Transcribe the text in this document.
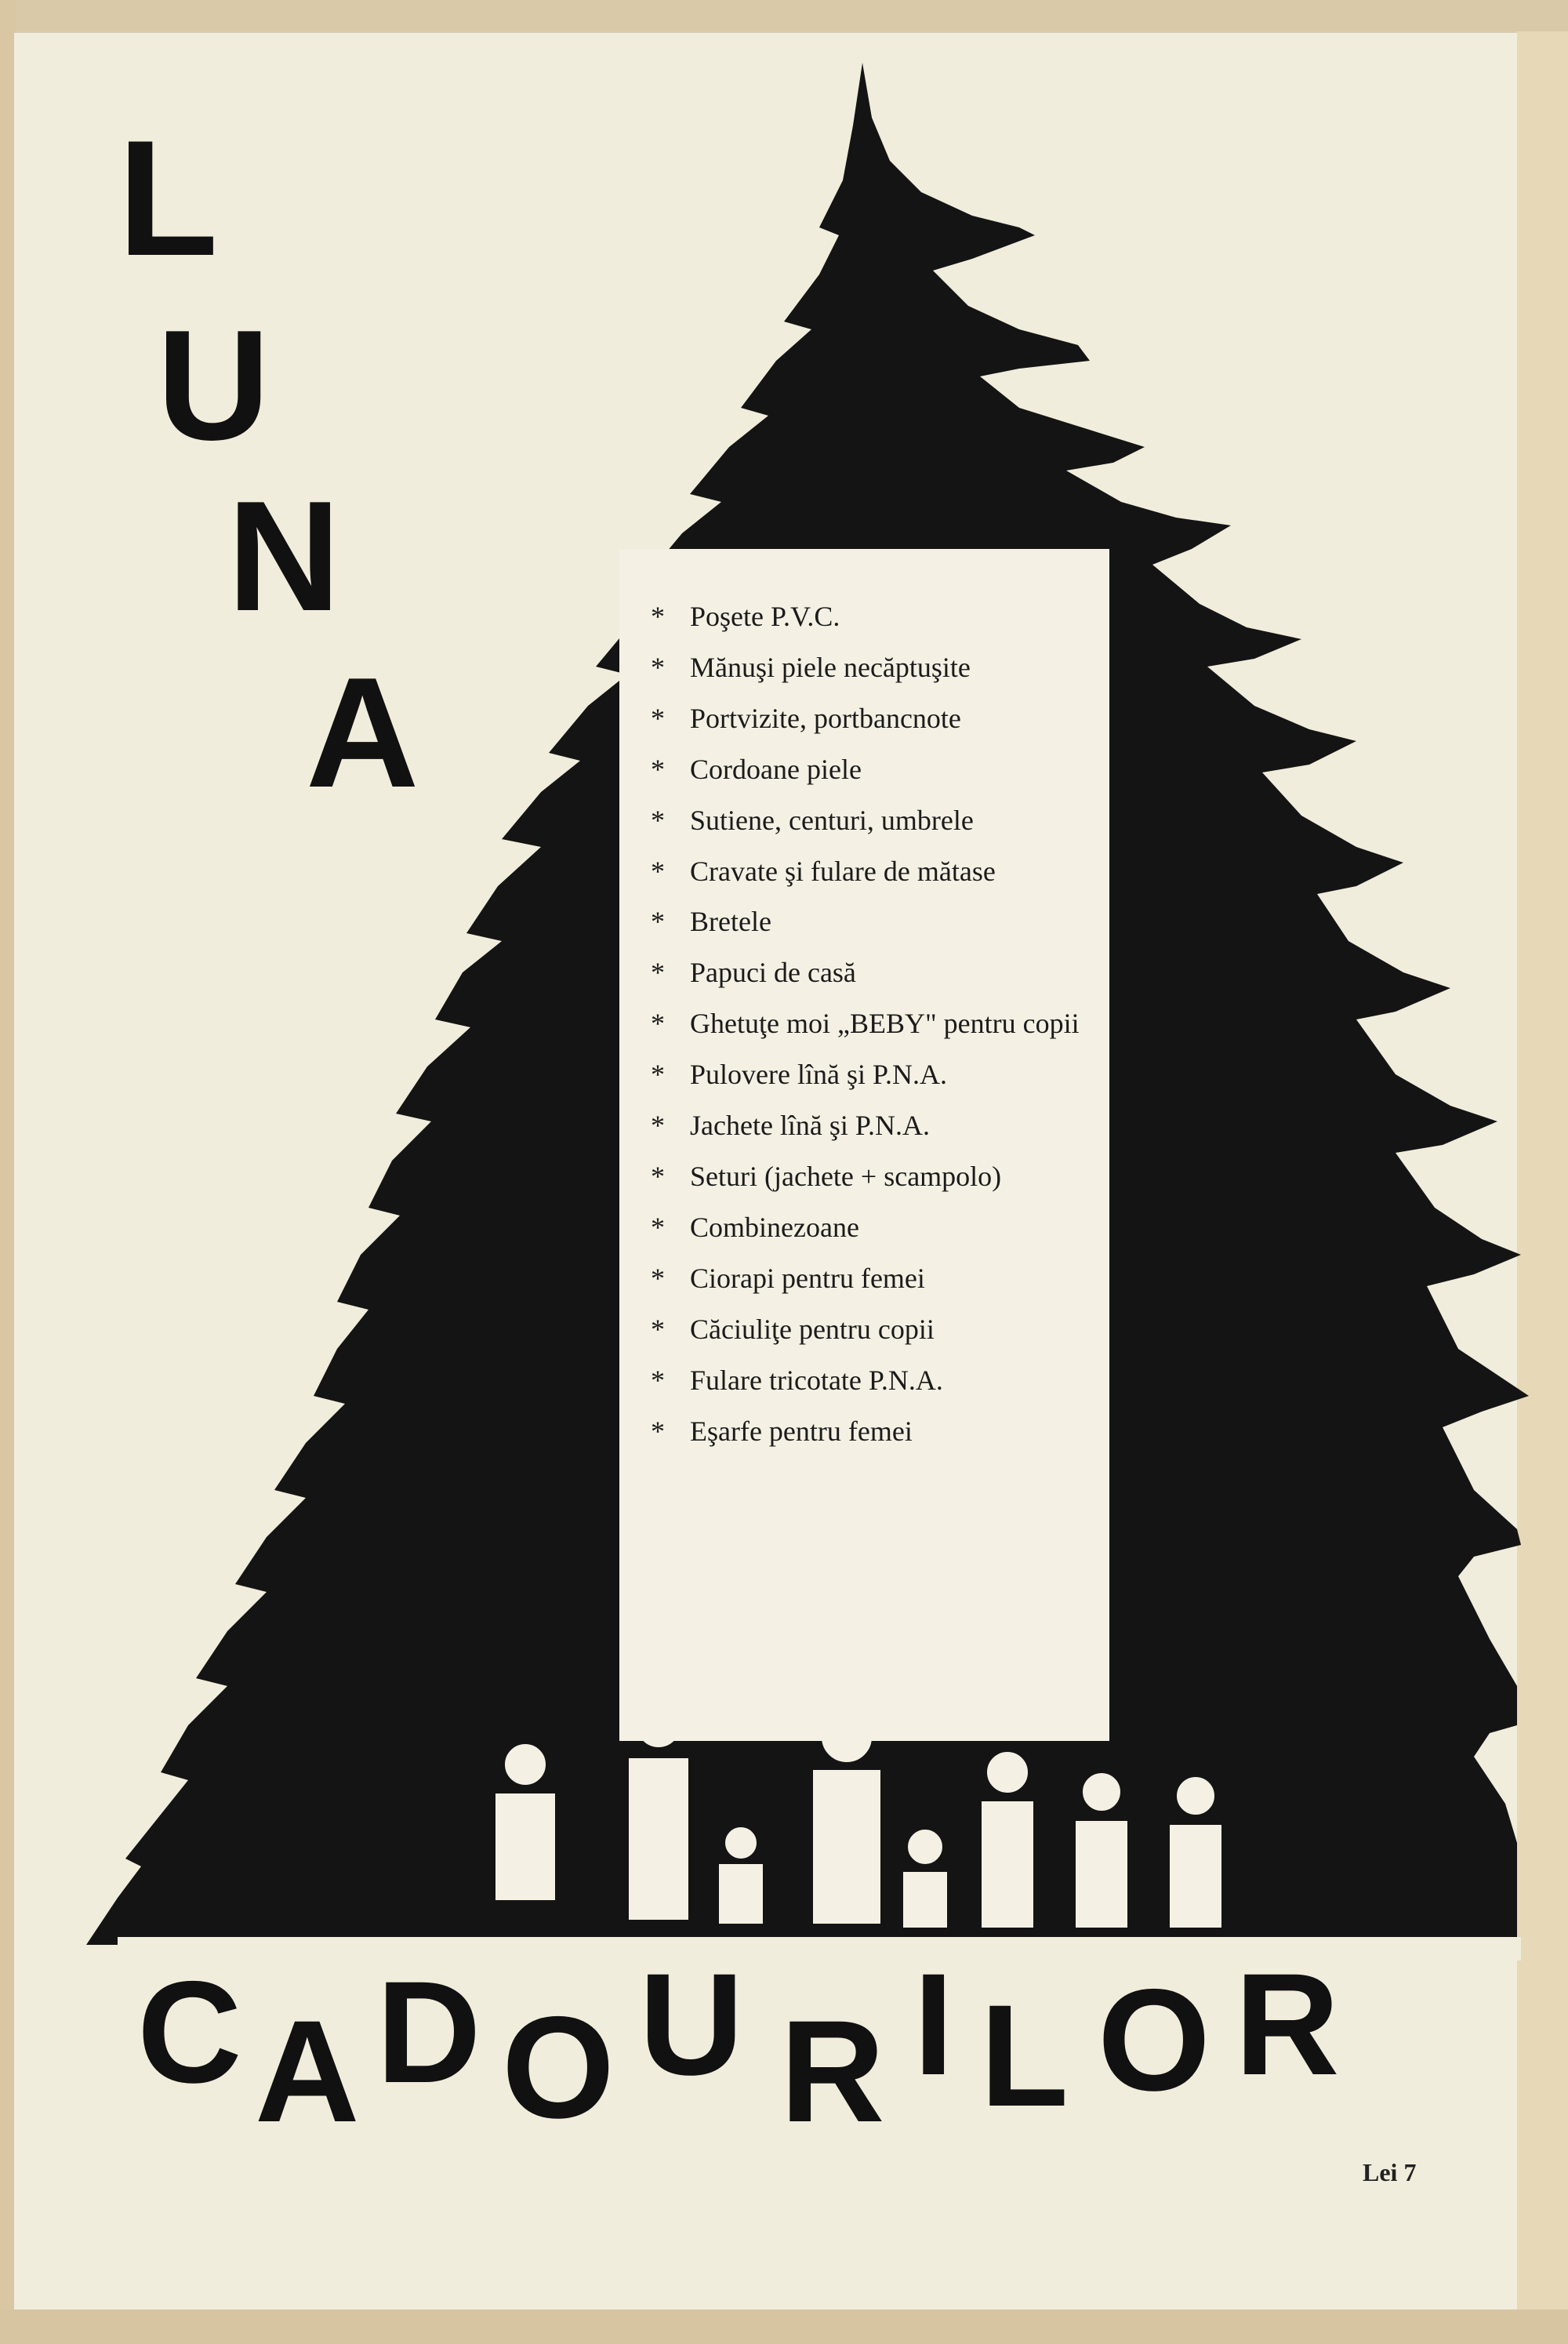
L
U
N
A
* Poşete P.V.C.
* Mănuşi piele necăptuşite
* Portvizite, portbancnote
* Cordoane piele
* Sutiene, centuri, umbrele
* Cravate şi fulare de mătase
* Bretele
* Papuci de casă
* Ghetuţe moi „BEBY" pentru copii
* Pulovere lînă şi P.N.A.
* Jachete lînă şi P.N.A.
* Seturi (jachete + scampolo)
* Combinezoane
* Ciorapi pentru femei
* Căciuliţe pentru copii
* Fulare tricotate P.N.A.
* Eşarfe pentru femei
C A D O U R I L O R
Lei 7
